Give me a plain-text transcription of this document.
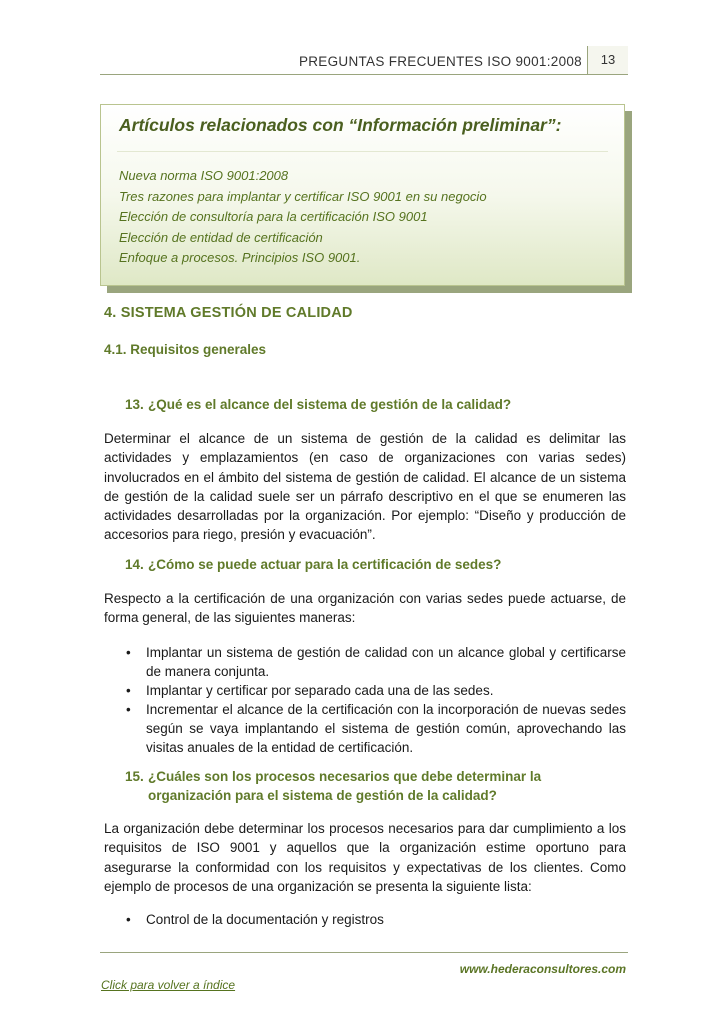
PREGUNTAS FRECUENTES ISO 9001:2008	13
Artículos relacionados con “Información preliminar”:
Nueva norma ISO 9001:2008
Tres razones para implantar y certificar ISO 9001 en su negocio
Elección de consultoría para la certificación ISO 9001
Elección de entidad de certificación
Enfoque a procesos. Principios ISO 9001.
4. SISTEMA GESTIÓN DE CALIDAD
4.1. Requisitos generales
13. ¿Qué es el alcance del sistema de gestión de la calidad?
Determinar el alcance de un sistema de gestión de la calidad es delimitar las actividades y emplazamientos (en caso de organizaciones con varias sedes) involucrados en el ámbito del sistema de gestión de calidad. El alcance de un sistema de gestión de la calidad suele ser un párrafo descriptivo en el que se enumeren las actividades desarrolladas por la organización. Por ejemplo: “Diseño y producción de accesorios para riego, presión y evacuación”.
14. ¿Cómo se puede actuar para la certificación de sedes?
Respecto a la certificación de una organización con varias sedes puede actuarse, de forma general, de las siguientes maneras:
• Implantar un sistema de gestión de calidad con un alcance global y certificarse de manera conjunta.
• Implantar y certificar por separado cada una de las sedes.
• Incrementar el alcance de la certificación con la incorporación de nuevas sedes según se vaya implantando el sistema de gestión común, aprovechando las visitas anuales de la entidad de certificación.
15. ¿Cuáles son los procesos necesarios que debe determinar la organización para el sistema de gestión de la calidad?
La organización debe determinar los procesos necesarios para dar cumplimiento a los requisitos de ISO 9001 y aquellos que la organización estime oportuno para asegurarse la conformidad con los requisitos y expectativas de los clientes. Como ejemplo de procesos de una organización se presenta la siguiente lista:
• Control de la documentación y registros
www.hederaconsultores.com
Click para volver a índice
